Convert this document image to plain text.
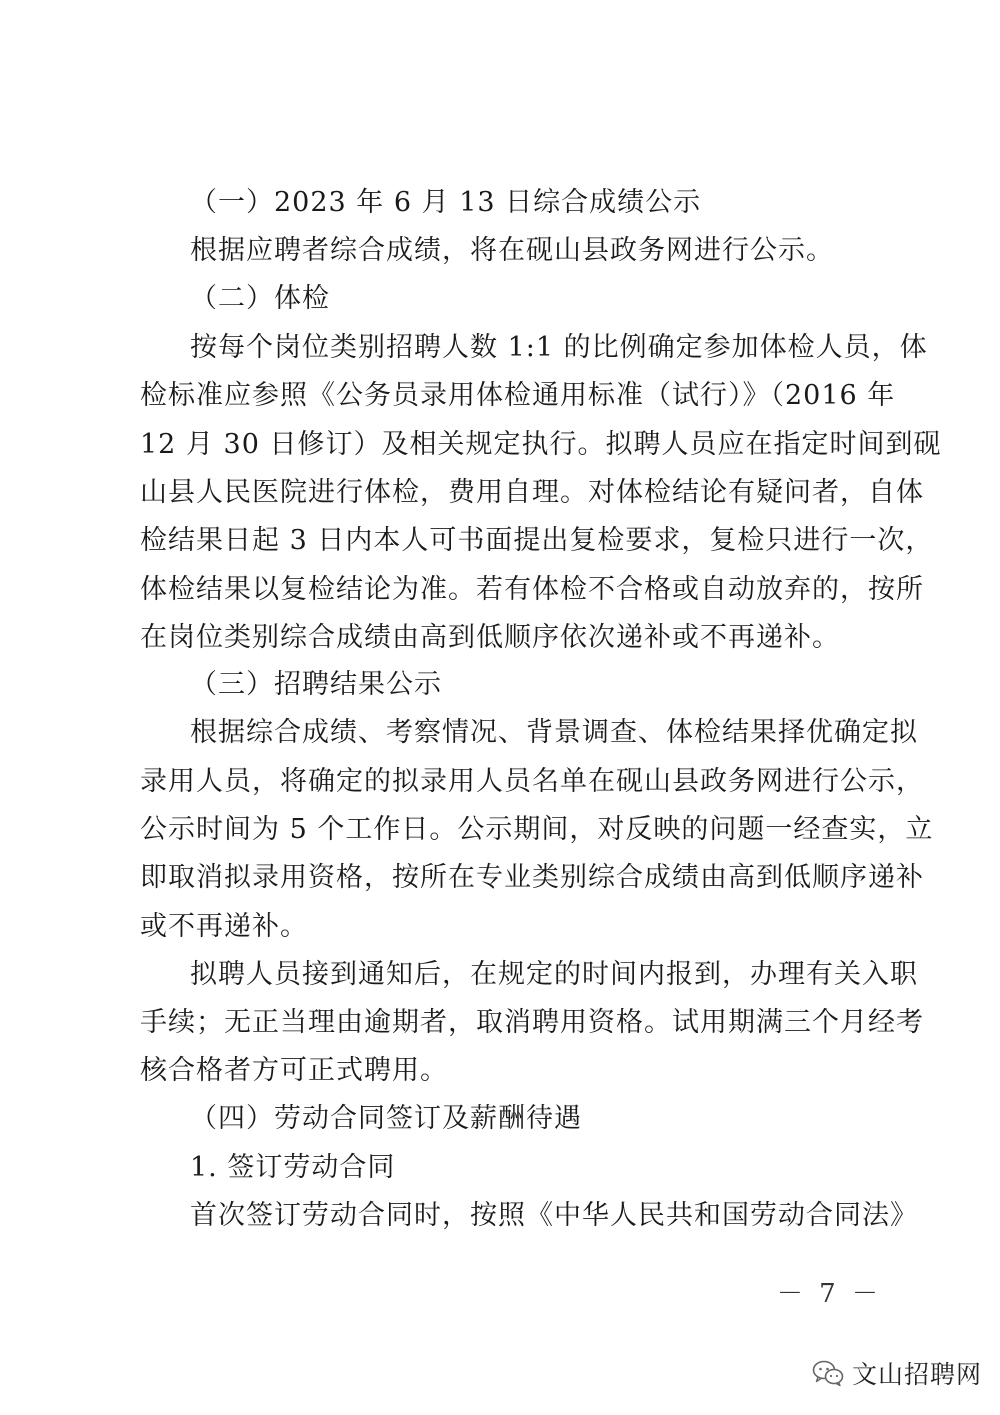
（一）2023 年 6 月 13 日综合成绩公示
根据应聘者综合成绩，将在砚山县政务网进行公示。
（二）体检
按每个岗位类别招聘人数 1:1 的比例确定参加体检人员，体
检标准应参照《公务员录用体检通用标准（试行）》（2016 年
12 月 30 日修订）及相关规定执行。拟聘人员应在指定时间到砚
山县人民医院进行体检，费用自理。对体检结论有疑问者，自体
检结果日起 3 日内本人可书面提出复检要求，复检只进行一次，
体检结果以复检结论为准。若有体检不合格或自动放弃的，按所
在岗位类别综合成绩由高到低顺序依次递补或不再递补。
（三）招聘结果公示
根据综合成绩、考察情况、背景调查、体检结果择优确定拟
录用人员，将确定的拟录用人员名单在砚山县政务网进行公示，
公示时间为 5 个工作日。公示期间，对反映的问题一经查实，立
即取消拟录用资格，按所在专业类别综合成绩由高到低顺序递补
或不再递补。
拟聘人员接到通知后，在规定的时间内报到，办理有关入职
手续；无正当理由逾期者，取消聘用资格。试用期满三个月经考
核合格者方可正式聘用。
（四）劳动合同签订及薪酬待遇
1. 签订劳动合同
首次签订劳动合同时，按照《中华人民共和国劳动合同法》
－ 7 －
文山招聘网
